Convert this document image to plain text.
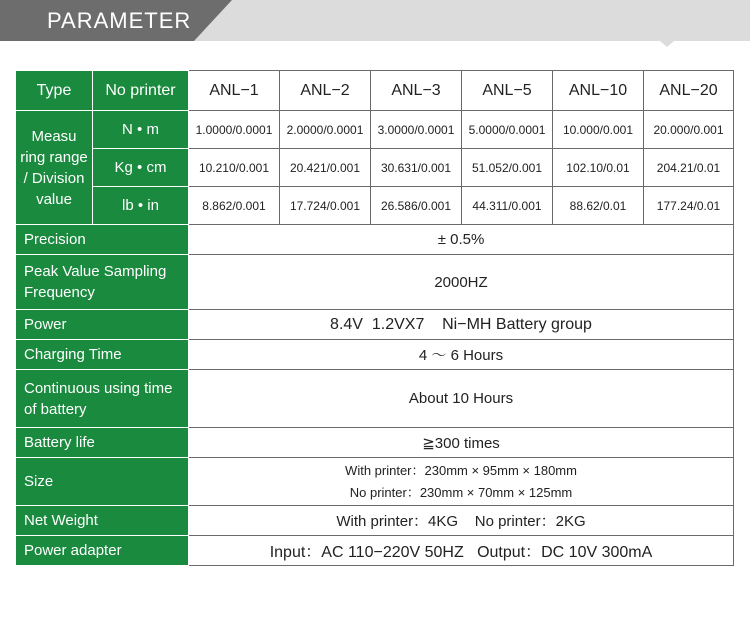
PARAMETER
Type	No printer	ANL−1	ANL−2	ANL−3	ANL−5	ANL−10	ANL−20
Measu ring range / Division value	N • m	1.0000/0.0001	2.0000/0.0001	3.0000/0.0001	5.0000/0.0001	10.000/0.001	20.000/0.001
	Kg • cm	10.210/0.001	20.421/0.001	30.631/0.001	51.052/0.001	102.10/0.01	204.21/0.01
	lb • in	8.862/0.001	17.724/0.001	26.586/0.001	44.311/0.001	88.62/0.01	177.24/0.01
Precision		± 0.5%					
Peak Value Sampling Frequency		2000HZ					
Power		8.4V  1.2VX7    Ni−MH Battery group					
Charging Time		4 ～ 6 Hours					
Continuous using time of battery		About 10 Hours					
Battery life		≧300 times					
Size		With printer：230mm × 95mm × 180mm
No printer：230mm × 70mm × 125mm					

Net Weight		With printer：4KG    No printer：2KG					
Power adapter		Input：AC 110−220V 50HZ   Output：DC 10V 300mA					
